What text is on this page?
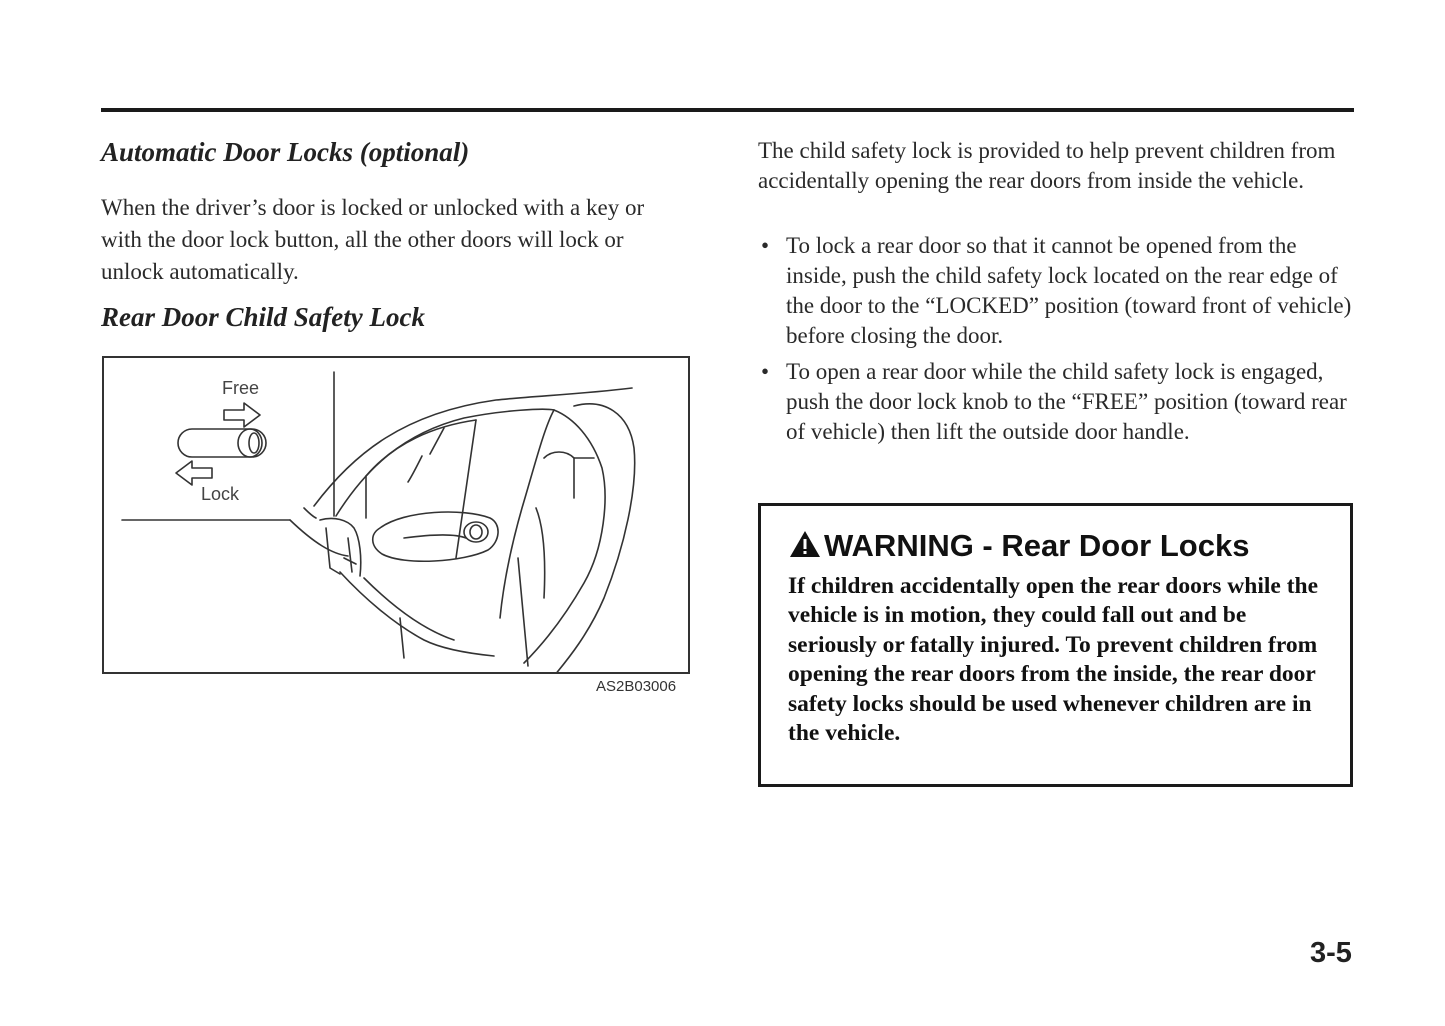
Automatic Door Locks (optional)

When the driver’s door is locked or unlocked with a key or with the door lock button, all the other doors will lock or unlock automatically.

Rear Door Child Safety Lock

Free

Lock

AS2B03006

The child safety lock is provided to help prevent children from accidentally opening the rear doors from inside the vehicle.

• To lock a rear door so that it cannot be opened from the inside, push the child safety lock located on the rear edge of the door to the “LOCKED” position (toward front of vehicle) before closing the door.
• To open a rear door while the child safety lock is engaged, push the door lock knob to the “FREE” position (toward rear of vehicle) then lift the outside door handle.

WARNING - Rear Door Locks

If children accidentally open the rear doors while the vehicle is in motion, they could fall out and be seriously or fatally injured. To prevent children from opening the rear doors from the inside, the rear door safety locks should be used whenever children are in the vehicle.

3-5
